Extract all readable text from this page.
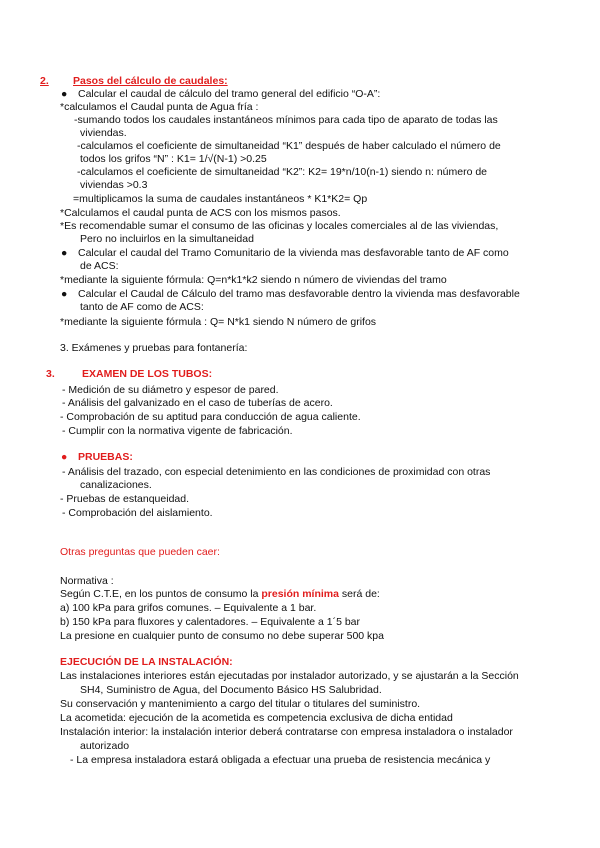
2. Pasos del cálculo de caudales:
● Calcular el caudal de cálculo del tramo general del edificio “O-A”:
*calculamos el Caudal punta de Agua fría :
-sumando todos los caudales instantáneos mínimos para cada tipo de aparato de todas las
viviendas.
-calculamos el coeficiente de simultaneidad “K1” después de haber calculado el número de
todos los grifos “N” : K1= 1/√(N-1) >0.25
-calculamos el coeficiente de simultaneidad “K2”: K2= 19*n/10(n-1) siendo n: número de
viviendas >0.3
=multiplicamos la suma de caudales instantáneos * K1*K2= Qp
*Calculamos el caudal punta de ACS con los mismos pasos.
*Es recomendable sumar el consumo de las oficinas y locales comerciales al de las viviendas,
Pero no incluirlos en la simultaneidad
● Calcular el caudal del Tramo Comunitario de la vivienda mas desfavorable tanto de AF como
de ACS:
*mediante la siguiente fórmula: Q=n*k1*k2 siendo n número de viviendas del tramo
● Calcular el Caudal de Cálculo del tramo mas desfavorable dentro la vivienda mas desfavorable
tanto de AF como de ACS:
*mediante la siguiente fórmula : Q= N*k1 siendo N número de grifos
3. Exámenes y pruebas para fontanería:
3.	EXAMEN DE LOS TUBOS:
- Medición de su diámetro y espesor de pared.
- Análisis del galvanizado en el caso de tuberías de acero.
- Comprobación de su aptitud para conducción de agua caliente.
- Cumplir con la normativa vigente de fabricación.
● PRUEBAS:
- Análisis del trazado, con especial detenimiento en las condiciones de proximidad con otras
canalizaciones.
- Pruebas de estanqueidad.
- Comprobación del aislamiento.
Otras preguntas que pueden caer:
Normativa :
Según C.T.E, en los puntos de consumo la presión mínima será de:
a) 100 kPa para grifos comunes. – Equivalente a 1 bar.
b) 150 kPa para fluxores y calentadores. – Equivalente a 1´5 bar
La presione en cualquier punto de consumo no debe superar 500 kpa
EJECUCIÓN DE LA INSTALACIÓN:
Las instalaciones interiores están ejecutadas por instalador autorizado, y se ajustarán a la Sección
SH4, Suministro de Agua, del Documento Básico HS Salubridad.
Su conservación y mantenimiento a cargo del titular o titulares del suministro.
La acometida: ejecución de la acometida es competencia exclusiva de dicha entidad
Instalación interior: la instalación interior deberá contratarse con empresa instaladora o instalador
autorizado
- La empresa instaladora estará obligada a efectuar una prueba de resistencia mecánica y
